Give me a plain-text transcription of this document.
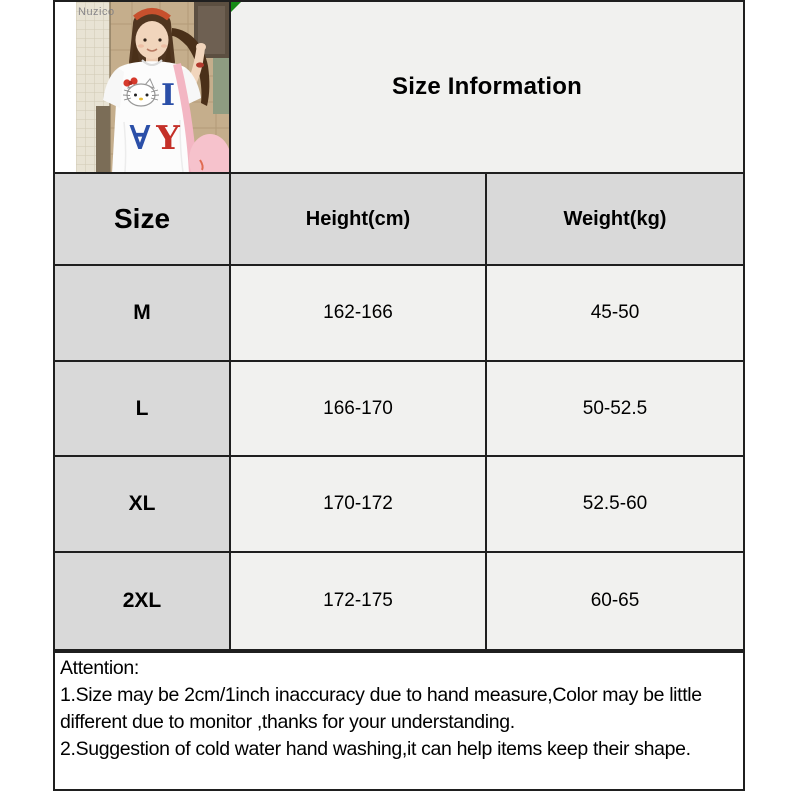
Nuzico
I
∀ Y
Size Information
Size	Height(cm)	Weight(kg)
M	162-166	45-50
L	166-170	50-52.5
XL	170-172	52.5-60
2XL	172-175	60-65

Attention:

1.Size may be 2cm/1inch inaccuracy due to hand measure,Color may be little different due to monitor ,thanks for your understanding.

2.Suggestion of cold water hand washing,it can help items keep their shape.
